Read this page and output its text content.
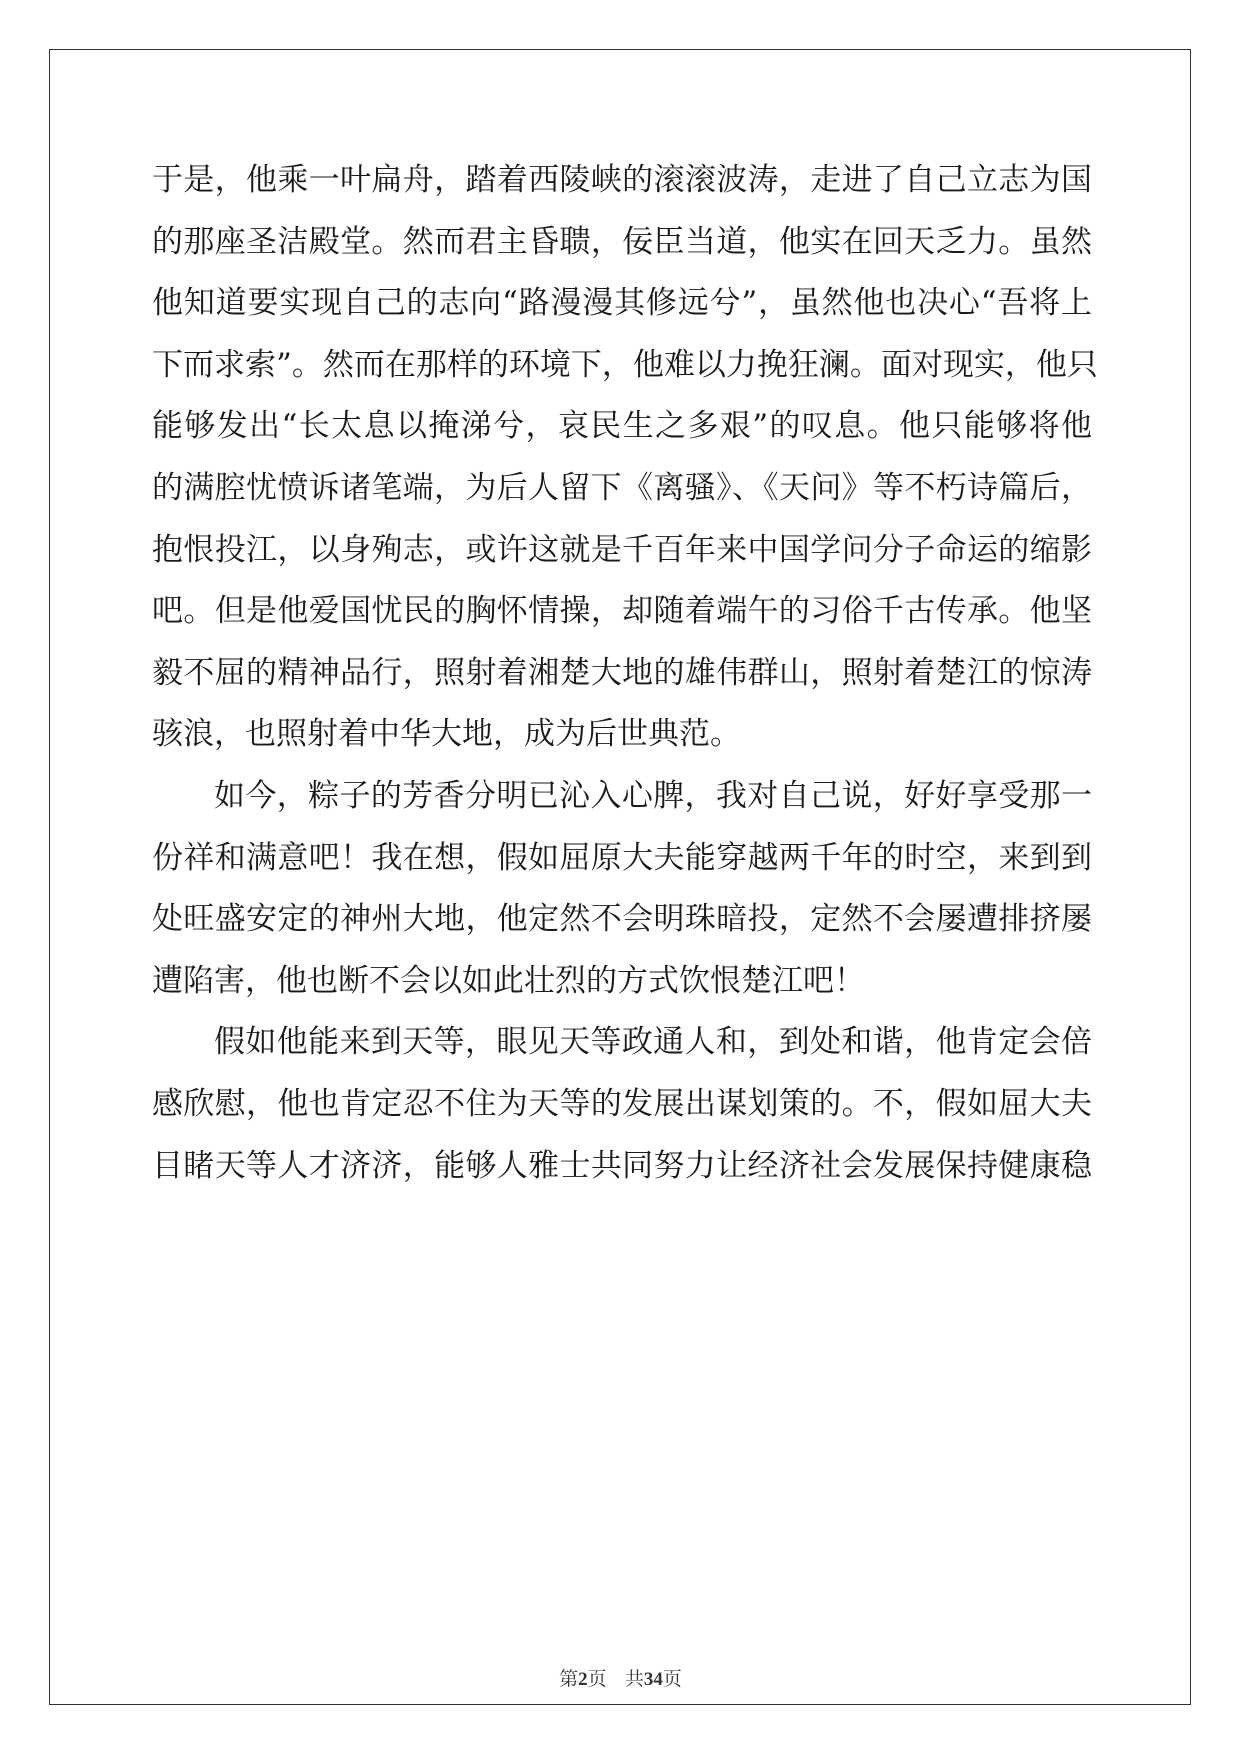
于是，他乘一叶扁舟，踏着西陵峡的滚滚波涛，走进了自己立志为国
的那座圣洁殿堂。然而君主昏聩，佞臣当道，他实在回天乏力。虽然
他知道要实现自己的志向“路漫漫其修远兮”，虽然他也决心“吾将上
下而求索”。然而在那样的环境下，他难以力挽狂澜。面对现实，他只
能够发出“长太息以掩涕兮，哀民生之多艰”的叹息。他只能够将他
的满腔忧愤诉诸笔端，为后人留下《离骚》、《天问》等不朽诗篇后，
抱恨投江，以身殉志，或许这就是千百年来中国学问分子命运的缩影
吧。但是他爱国忧民的胸怀情操，却随着端午的习俗千古传承。他坚
毅不屈的精神品行，照射着湘楚大地的雄伟群山，照射着楚江的惊涛
骇浪，也照射着中华大地，成为后世典范。
如今，粽子的芳香分明已沁入心脾，我对自己说，好好享受那一
份祥和满意吧！我在想，假如屈原大夫能穿越两千年的时空，来到到
处旺盛安定的神州大地，他定然不会明珠暗投，定然不会屡遭排挤屡
遭陷害，他也断不会以如此壮烈的方式饮恨楚江吧！
假如他能来到天等，眼见天等政通人和，到处和谐，他肯定会倍
感欣慰，他也肯定忍不住为天等的发展出谋划策的。不，假如屈大夫
目睹天等人才济济，能够人雅士共同努力让经济社会发展保持健康稳
第2页 共34页
